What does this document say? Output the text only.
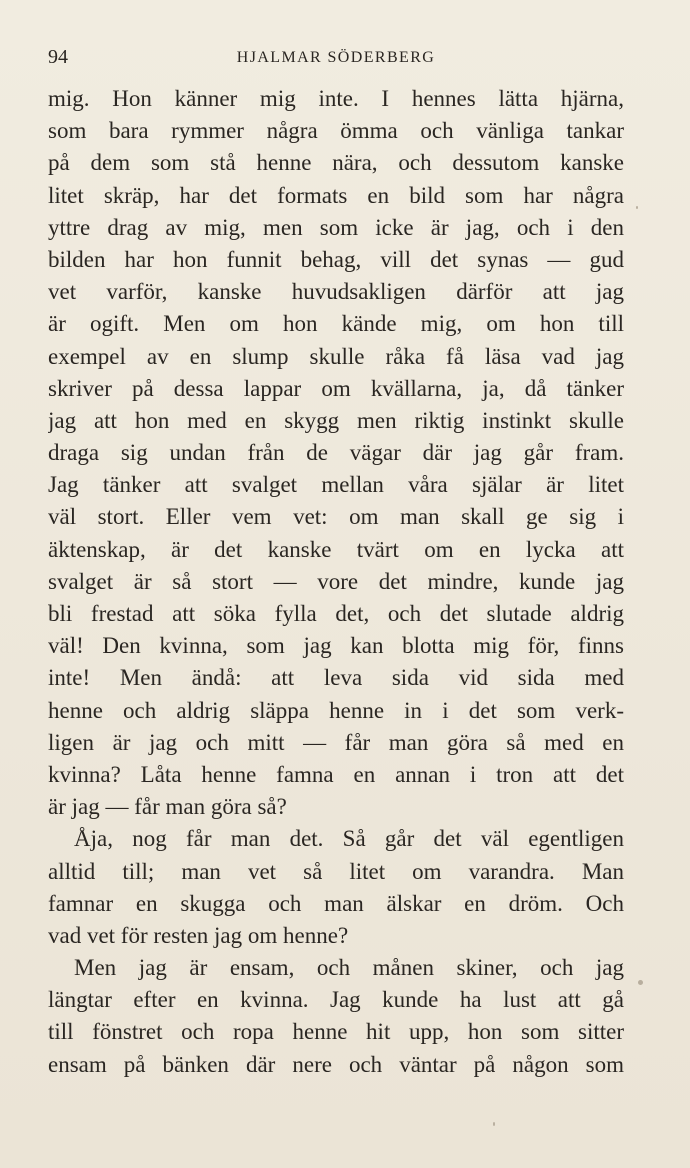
94	HJALMAR SÖDERBERG
mig. Hon känner mig inte. I hennes lätta hjärna,
som bara rymmer några ömma och vänliga tankar
på dem som stå henne nära, och dessutom kanske
litet skräp, har det formats en bild som har några
yttre drag av mig, men som icke är jag, och i den
bilden har hon funnit behag, vill det synas — gud
vet varför, kanske huvudsakligen därför att jag
är ogift. Men om hon kände mig, om hon till
exempel av en slump skulle råka få läsa vad jag
skriver på dessa lappar om kvällarna, ja, då tänker
jag att hon med en skygg men riktig instinkt skulle
draga sig undan från de vägar där jag går fram.
Jag tänker att svalget mellan våra själar är litet
väl stort. Eller vem vet: om man skall ge sig i
äktenskap, är det kanske tvärt om en lycka att
svalget är så stort — vore det mindre, kunde jag
bli frestad att söka fylla det, och det slutade aldrig
väl! Den kvinna, som jag kan blotta mig för, finns
inte! Men ändå: att leva sida vid sida med
henne och aldrig släppa henne in i det som verk-
ligen är jag och mitt — får man göra så med en
kvinna? Låta henne famna en annan i tron att det
är jag — får man göra så?
Åja, nog får man det. Så går det väl egentligen
alltid till; man vet så litet om varandra. Man
famnar en skugga och man älskar en dröm. Och
vad vet för resten jag om henne?
Men jag är ensam, och månen skiner, och jag
längtar efter en kvinna. Jag kunde ha lust att gå
till fönstret och ropa henne hit upp, hon som sitter
ensam på bänken där nere och väntar på någon som
